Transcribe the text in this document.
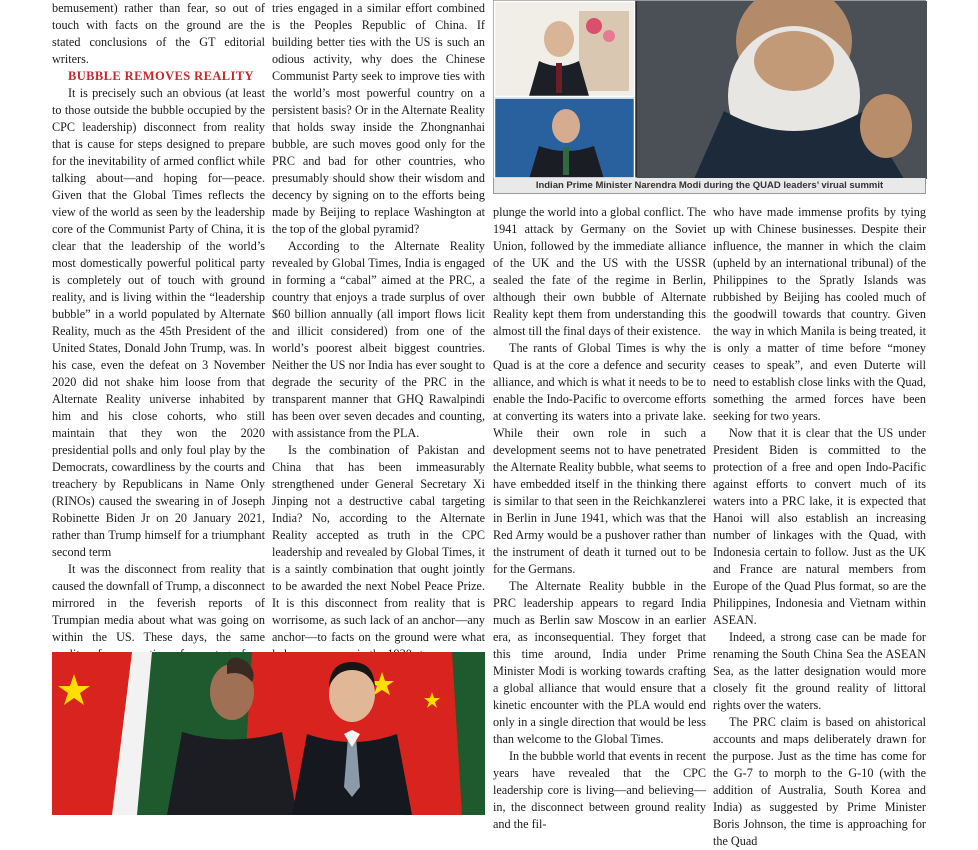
bemusement) rather than fear, so out of touch with facts on the ground are the stated conclusions of the GT editorial writers.

BUBBLE REMOVES REALITY

It is precisely such an obvious (at least to those outside the bubble occupied by the CPC leadership) disconnect from reality that is cause for steps designed to prepare for the inevitability of armed conflict while talking about—and hoping for—peace. Given that the Global Times reflects the view of the world as seen by the leadership core of the Communist Party of China, it is clear that the leadership of the world’s most domestically powerful political party is completely out of touch with ground reality, and is living within the “leadership bubble” in a world populated by Alternate Reality, much as the 45th President of the United States, Donald John Trump, was. In his case, even the defeat on 3 November 2020 did not shake him loose from that Alternate Reality universe inhabited by him and his close cohorts, who still maintain that they won the 2020 presidential polls and only foul play by the Democrats, cowardliness by the courts and treachery by Republicans in Name Only (RINOs) caused the swearing in of Joseph Robinette Biden Jr on 20 January 2021, rather than Trump himself for a triumphant second term

It was the disconnect from reality that caused the downfall of Trump, a disconnect mirrored in the feverish reports of Trumpian media about what was going on within the US. These days, the same

tries engaged in a similar effort combined is the Peoples Republic of China. If building better ties with the US is such an odious activity, why does the Chinese Communist Party seek to improve ties with the world’s most powerful country on a persistent basis? Or in the Alternate Reality that holds sway inside the Zhongnanhai bubble, are such moves good only for the PRC and bad for other countries, who presumably should show their wisdom and decency by signing on to the efforts being made by Beijing to replace Washington at the top of the global pyramid?

According to the Alternate Reality revealed by Global Times, India is engaged in forming a “cabal” aimed at the PRC, a country that enjoys a trade surplus of over $60 billion annually (all import flows licit and illicit considered) from one of the world’s poorest albeit biggest countries. Neither the US nor India has ever sought to degrade the security of the PRC in the transparent manner that GHQ Rawalpindi has been over seven decades and counting, with assistance from the PLA.

Is the combination of Pakistan and China that has been immeasurably strengthened under General Secretary Xi Jinping not a destructive cabal targeting India? No, according to the Alternate Reality accepted as truth in the CPC leadership and revealed by Global Times, it is a saintly combination that ought jointly to be awarded the next Nobel Peace Prize. It is this disconnect from reality that is worrisome, as such lack of an anchor—any anchor—to facts on the ground were what

Indian Prime Minister Narendra Modi during the QUAD leaders’ virual summit

plunge the world into a global conflict. The 1941 attack by Germany on the Soviet Union, followed by the immediate alliance of the UK and the US with the USSR sealed the fate of the regime in Berlin, although their own bubble of Alternate Reality kept them from understanding this almost till the final days of their existence.

The rants of Global Times is why the Quad is at the core a defence and security alliance, and which is what it needs to be to enable the Indo-Pacific to overcome efforts at converting its waters into a private lake. While their own role in such a development seems not to have penetrated the Alternate Reality bubble, what seems to have embedded itself in the thinking there is similar to that seen in the Reichkanzlerei in Berlin in June 1941, which was that the Red Army would be a pushover rather than the instrument of death it turned out to be for the Germans.

The Alternate Reality bubble in the PRC leadership appears to regard India much as Berlin saw Moscow in an earlier era, as inconsequential. They forget that this time around, India under Prime Minister Modi is working towards crafting a global alliance that would ensure that a kinetic encounter with the PLA would end only in a single direction that would be less than welcome to the Global Times.

In the bubble world that events in recent years have revealed that the CPC leadership core is living—and believing—in, the disconnect between ground reality and the fil-

who have made immense profits by tying up with Chinese businesses. Despite their influence, the manner in which the claim (upheld by an international tribunal) of the Philippines to the Spratly Islands was rubbished by Beijing has cooled much of the goodwill towards that country. Given the way in which Manila is being treated, it is only a matter of time before “money ceases to speak”, and even Duterte will need to establish close links with the Quad, something the armed forces have been seeking for two years.

Now that it is clear that the US under President Biden is committed to the protection of a free and open Indo-Pacific against efforts to convert much of its waters into a PRC lake, it is expected that Hanoi will also establish an increasing number of linkages with the Quad, with Indonesia certain to follow. Just as the UK and France are natural members from Europe of the Quad Plus format, so are the Philippines, Indonesia and Vietnam within ASEAN.

Indeed, a strong case can be made for renaming the South China Sea the ASEAN Sea, as the latter designation would more closely fit the ground reality of littoral rights over the waters.

The PRC claim is based on ahistorical accounts and maps deliberately drawn for the purpose. Just as the time has come for the G-7 to morph to the G-10 (with the addition of Australia, South Korea and India) as suggested by Prime Minister Boris Johnson, the time is approaching for the Quad
